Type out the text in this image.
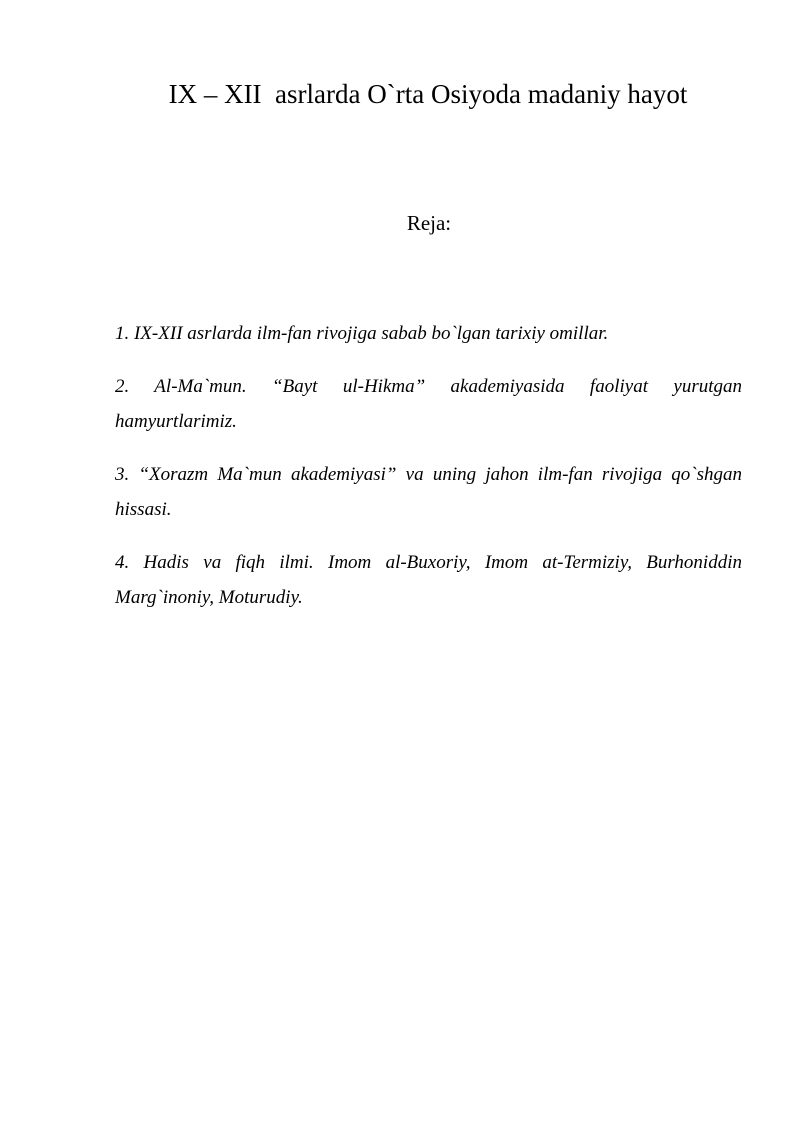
IX – XII  asrlarda O`rta Osiyoda madaniy hayot
Reja:
1. IX-XII asrlarda ilm-fan rivojiga sabab bo`lgan tarixiy omillar.
2. Al-Ma`mun. “Bayt ul-Hikma” akademiyasida faoliyat yurutgan hamyurtlarimiz.
3. “Xorazm Ma`mun akademiyasi” va uning jahon ilm-fan rivojiga qo`shgan hissasi.
4. Hadis va fiqh ilmi. Imom al-Buxoriy, Imom at-Termiziy, Burhoniddin Marg`inoniy, Moturudiy.
